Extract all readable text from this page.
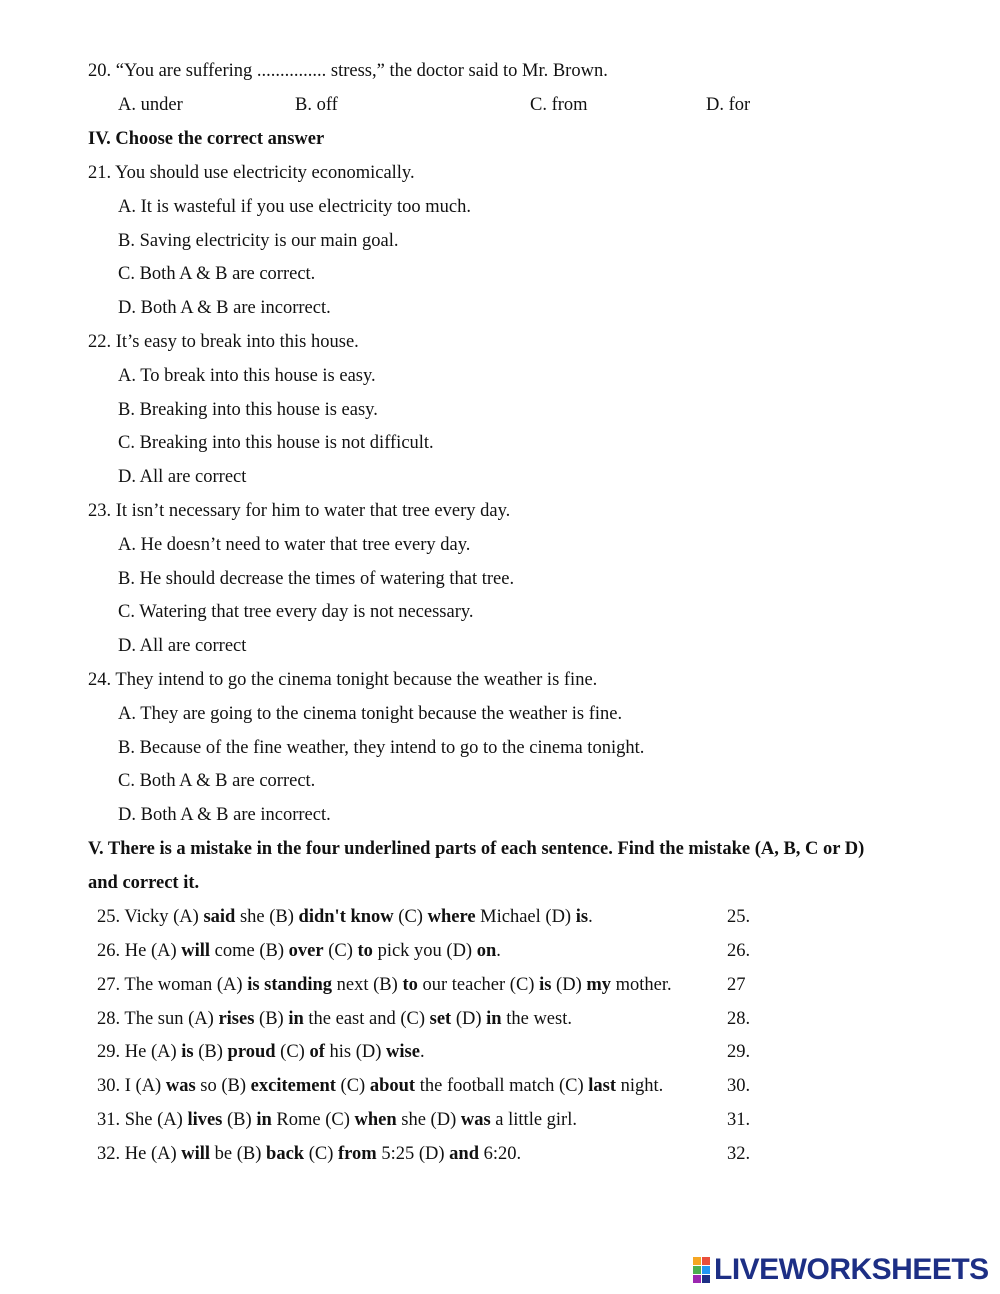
20. “You are suffering ............... stress,” the doctor said to Mr. Brown.
A. under	B. off	C. from	D. for
IV. Choose the correct answer
21. You should use electricity economically.
A. It is wasteful if you use electricity too much.
B. Saving electricity is our main goal.
C. Both A & B are correct.
D. Both A & B are incorrect.
22. It’s easy to break into this house.
A. To break into this house is easy.
B. Breaking into this house is easy.
C. Breaking into this house is not difficult.
D. All are correct
23. It isn’t necessary for him to water that tree every day.
A. He doesn’t need to water that tree every day.
B. He should decrease the times of watering that tree.
C. Watering that tree every day is not necessary.
D. All are correct
24. They intend to go the cinema tonight because the weather is fine.
A. They are going to the cinema tonight because the weather is fine.
B. Because of the fine weather, they intend to go to the cinema tonight.
C. Both A & B are correct.
D. Both A & B are incorrect.
V. There is a mistake in the four underlined parts of each sentence. Find the mistake (A, B, C or D)
and correct it.
25. Vicky (A) said she (B) didn't know (C) where Michael (D) is.	25.
26. He (A) will come (B) over (C) to pick you (D) on.	26.
27. The woman (A) is standing next (B) to our teacher (C) is (D) my mother.	27
28. The sun (A) rises (B) in the east and (C) set (D) in the west.	28.
29. He (A) is (B) proud (C) of his (D) wise.	29.
30. I (A) was so (B) excitement (C) about the football match (C) last night.	30.
31. She (A) lives (B) in Rome (C) when she (D) was a little girl.	31.
32. He (A) will be (B) back (C) from 5:25 (D) and 6:20.	32.
LIVEWORKSHEETS
